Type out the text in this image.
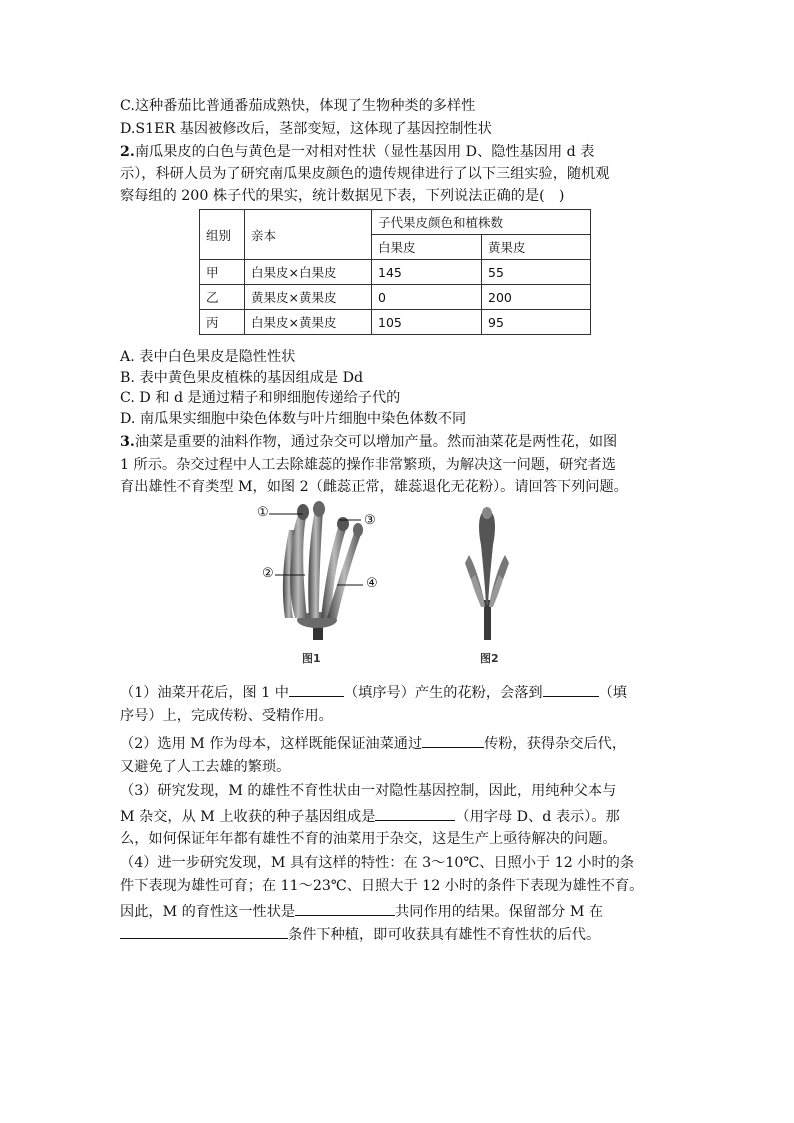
C.这种番茄比普通番茄成熟快，体现了生物种类的多样性
D.S1ER 基因被修改后，茎部变短，这体现了基因控制性状
2.南瓜果皮的白色与黄色是一对相对性状（显性基因用 D、隐性基因用 d 表
示），科研人员为了研究南瓜果皮颜色的遗传规律进行了以下三组实验，随机观
察每组的 200 株子代的果实，统计数据见下表，下列说法正确的是(　)
组别	亲本	子代果皮颜色和植株数	
		白果皮	黄果皮
甲	白果皮×白果皮	145	55
乙	黄果皮×黄果皮	0	200
丙	白果皮×黄果皮	105	95
A. 表中白色果皮是隐性性状
B. 表中黄色果皮植株的基因组成是 Dd
C. D 和 d 是通过精子和卵细胞传递给子代的
D. 南瓜果实细胞中染色体数与叶片细胞中染色体数不同
3.油菜是重要的油料作物，通过杂交可以增加产量。然而油菜花是两性花，如图
1 所示。杂交过程中人工去除雄蕊的操作非常繁琐，为解决这一问题，研究者选
育出雄性不育类型 M，如图 2（雌蕊正常，雄蕊退化无花粉）。请回答下列问题。
①
③
②
④
图1	图2
（1）油菜开花后，图 1 中	（填序号）产生的花粉，会落到	（填
序号）上，完成传粉、受精作用。
（2）选用 M 作为母本，这样既能保证油菜通过	传粉，获得杂交后代，
又避免了人工去雄的繁琐。
（3）研究发现，M 的雄性不育性状由一对隐性基因控制，因此，用纯种父本与
M 杂交，从 M 上收获的种子基因组成是	（用字母 D、d 表示）。那
么，如何保证年年都有雄性不育的油菜用于杂交，这是生产上亟待解决的问题。
（4）进一步研究发现，M 具有这样的特性：在 3～10℃、日照小于 12 小时的条
件下表现为雄性可育；在 11～23℃、日照大于 12 小时的条件下表现为雄性不育。
因此，M 的育性这一性状是	共同作用的结果。保留部分 M 在
条件下种植，即可收获具有雄性不育性状的后代。
